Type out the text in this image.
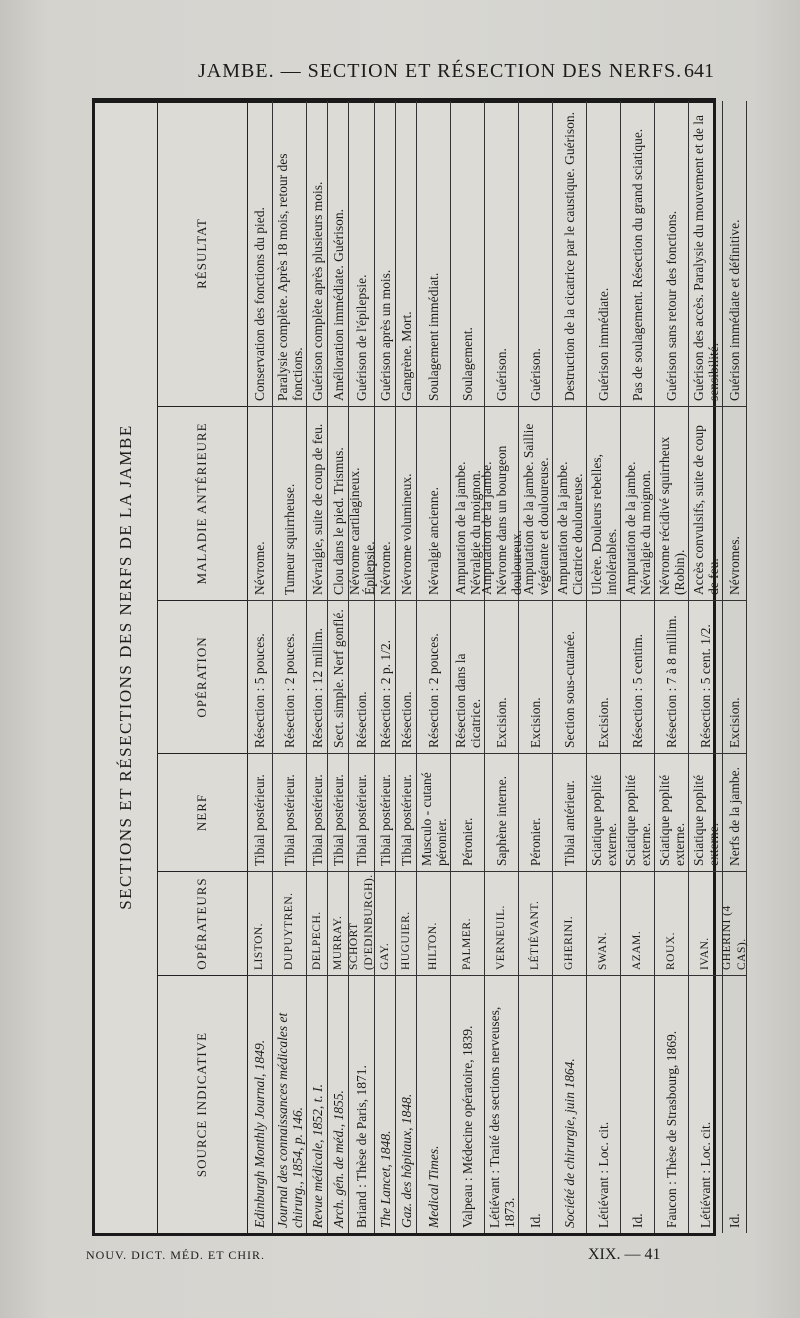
JAMBE. — SECTION ET RÉSECTION DES NERFS. 641
SECTIONS ET RÉSECTIONS DES NERFS DE LA JAMBE
SOURCE INDICATIVE
OPÉRATEURS
NERF
OPÉRATION
MALADIE ANTÉRIEURE
RÉSULTAT
Edinburgh Monthly Journal, 1849.
LISTON.
Tibial postérieur.
Résection : 5 pouces.
Névrome.
Conservation des fonctions du pied.
Journal des connaissances médicales et chirurg., 1854, p. 146.
DUPUYTREN.
Tibial postérieur.
Résection : 2 pouces.
Tumeur squirrheuse.
Paralysie complète. Après 18 mois, retour des fonctions.
Revue médicale, 1852, t. I.
DELPECH.
Tibial postérieur.
Résection : 12 millim.
Névralgie, suite de coup de feu.
Guérison complète après plusieurs mois.
Arch. gén. de méd., 1855.
MURRAY.
Tibial postérieur.
Sect. simple. Nerf gonflé.
Clou dans le pied. Trismus.
Amélioration immédiate. Guérison.
Briand : Thèse de Paris, 1871.
SCHORT (D'EDINBURGH).
Tibial postérieur.
Résection.
Névrome cartilagineux. Épilepsie.
Guérison de l'épilepsie.
The Lancet, 1848.
GAY.
Tibial postérieur.
Résection : 2 p. 1/2.
Névrome.
Guérison après un mois.
Gaz. des hôpitaux, 1848.
HUGUIER.
Tibial postérieur.
Résection.
Névrome volumineux.
Gangrène. Mort.
Medical Times.
HILTON.
Musculo - cutané péronier.
Résection : 2 pouces.
Névralgie ancienne.
Soulagement immédiat.
Valpeau : Médecine opératoire, 1839.
PALMER.
Péronier.
Résection dans la cicatrice.
Amputation de la jambe. Névralgie du moignon.
Soulagement.
Létiévant : Traité des sections nerveuses, 1873.
VERNEUIL.
Saphène interne.
Excision.
Amputation de la jambe. Névrome dans un bourgeon douloureux.
Guérison.
Id.
LÉTIÉVANT.
Péronier.
Excision.
Amputation de la jambe. Saillie végétante et douloureuse.
Guérison.
Société de chirurgie, juin 1864.
GHERINI.
Tibial antérieur.
Section sous-cutanée.
Amputation de la jambe. Cicatrice douloureuse.
Destruction de la cicatrice par le caustique. Guérison.
Létiévant : Loc. cit.
SWAN.
Sciatique poplité externe.
Excision.
Ulcère. Douleurs rebelles, intolérables.
Guérison immédiate.
Id.
AZAM.
Sciatique poplité externe.
Résection : 5 centim.
Amputation de la jambe. Névralgie du moignon.
Pas de soulagement. Résection du grand sciatique.
Faucon : Thèse de Strasbourg, 1869.
ROUX.
Sciatique poplité externe.
Résection : 7 à 8 millim.
Névrome récidivé squirrheux (Robin).
Guérison sans retour des fonctions.
Létiévant : Loc. cit.
IVAN.
Sciatique poplité externe.
Résection : 5 cent. 1/2.
Accès convulsifs, suite de coup de feu.
Guérison des accès. Paralysie du mouvement et de la sensibilité.
Id.
GHERINI (4 CAS).
Nerfs de la jambe.
Excision.
Névromes.
Guérison immédiate et définitive.
NOUV. DICT. MÉD. ET CHIR.	XIX. — 41
